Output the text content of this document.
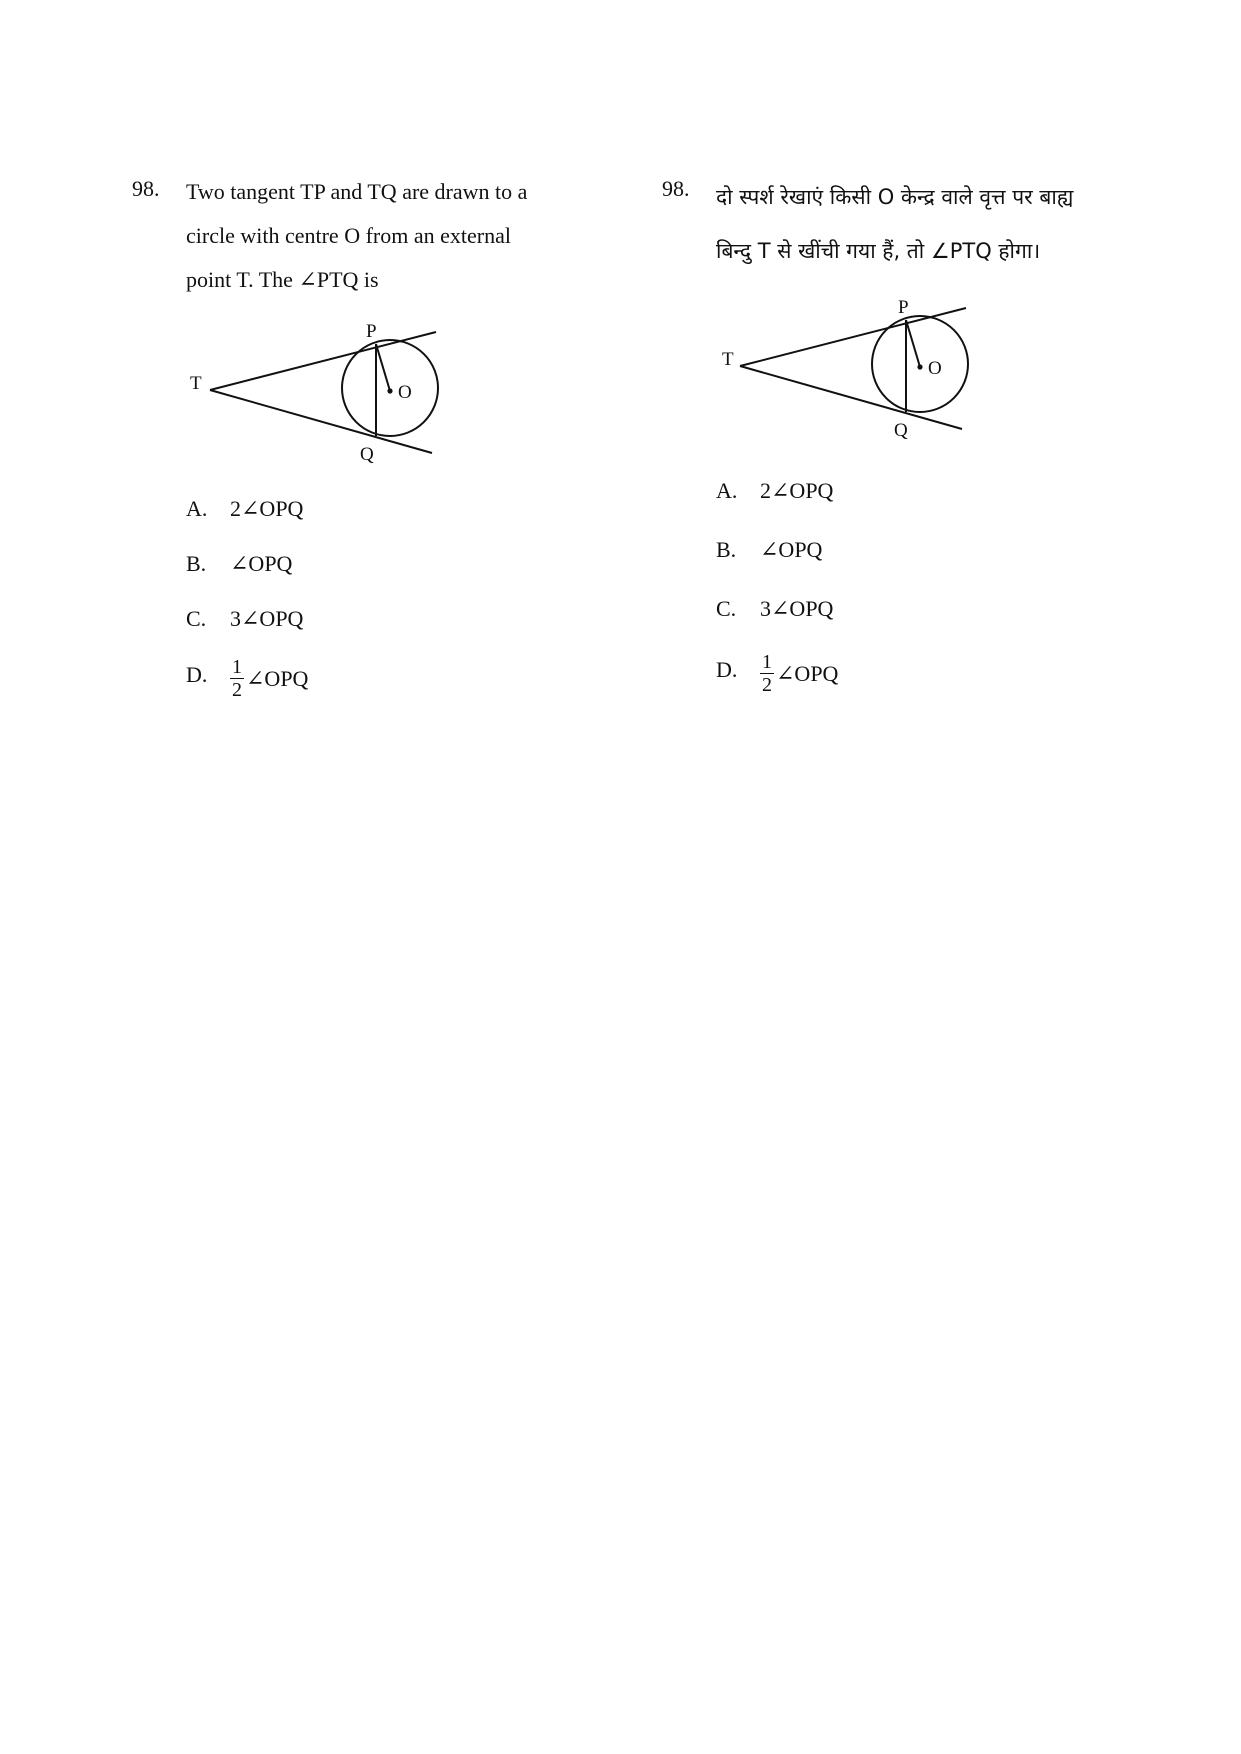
98. Two tangent TP and TQ are drawn to a
circle with centre O from an external
point T. The ∠PTQ is
T
P
Q
O
A.	2∠OPQ
B.	∠OPQ
C.	3∠OPQ
D.	$\frac{1}{2}$ ∠OPQ
98. दो स्पर्श रेखाएं किसी O केन्द्र वाले वृत्त पर बाह्य
बिन्दु T से खींची गया हैं, तो ∠PTQ होगा।
T
P
Q
O
A.	2∠OPQ
B.	∠OPQ
C.	3∠OPQ
D.	$\frac{1}{2}$ ∠OPQ
